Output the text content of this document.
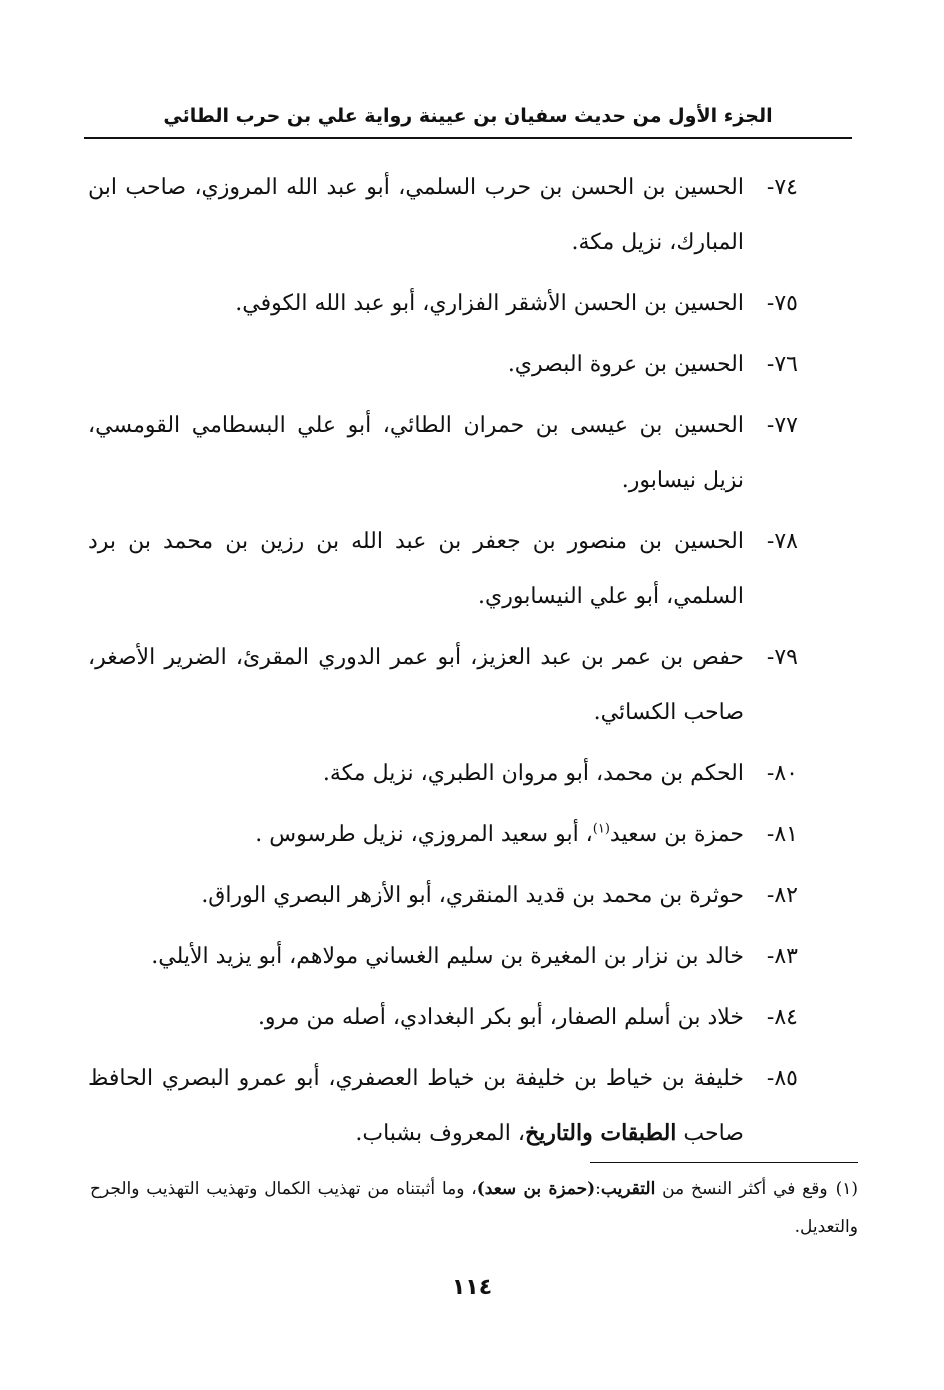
الجزء الأول من حديث سفيان بن عيينة رواية علي بن حرب الطائي
٧٤-
الحسين بن الحسن بن حرب السلمي، أبو عبد الله المروزي، صاحب ابن المبارك، نزيل مكة.
٧٥-
الحسين بن الحسن الأشقر الفزاري، أبو عبد الله الكوفي.
٧٦-
الحسين بن عروة البصري.
٧٧-
الحسين بن عيسى بن حمران الطائي، أبو علي البسطامي القومسي، نزيل نيسابور.
٧٨-
الحسين بن منصور بن جعفر بن عبد الله بن رزين بن محمد بن برد السلمي، أبو علي النيسابوري.
٧٩-
حفص بن عمر بن عبد العزيز، أبو عمر الدوري المقرئ، الضرير الأصغر، صاحب الكسائي.
٨٠-
الحكم بن محمد، أبو مروان الطبري، نزيل مكة.
٨١-
حمزة بن سعيد$^{(١)}$، أبو سعيد المروزي، نزيل طرسوس .
٨٢-
حوثرة بن محمد بن قديد المنقري، أبو الأزهر البصري الوراق.
٨٣-
خالد بن نزار بن المغيرة بن سليم الغساني مولاهم، أبو يزيد الأيلي.
٨٤-
خلاد بن أسلم الصفار، أبو بكر البغدادي، أصله من مرو.
٨٥-
خليفة بن خياط بن خليفة بن خياط العصفري، أبو عمرو البصري الحافظ صاحب الطبقات والتاريخ، المعروف بشباب.
(١)وقع في أكثر النسخ من التقريب:(حمزة بن سعد)، وما أثبتناه من تهذيب الكمال وتهذيب التهذيب والجرح والتعديل.
١١٤
